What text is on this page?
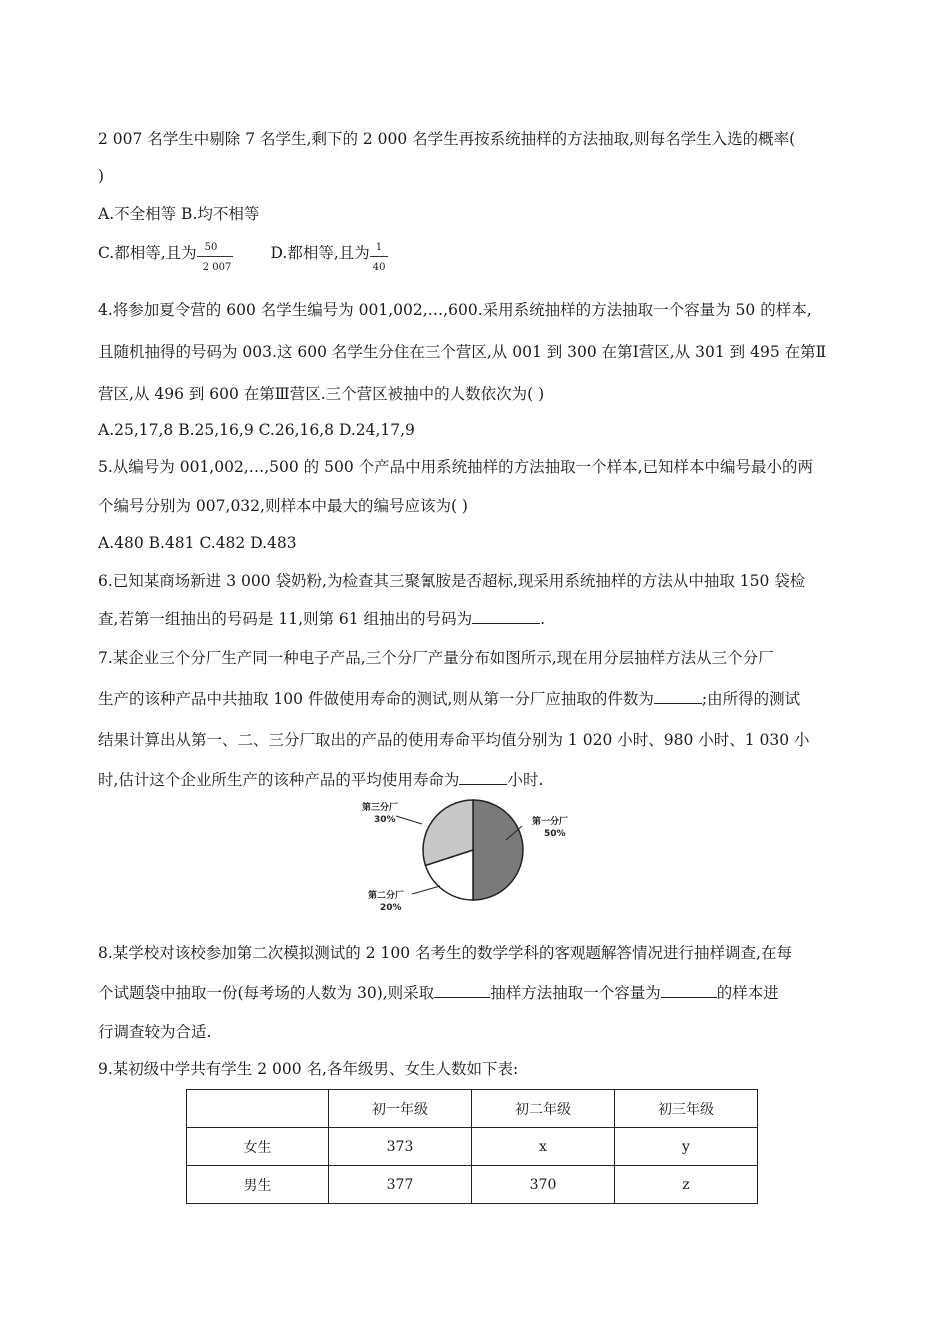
2 007 名学生中剔除 7 名学生,剩下的 2 000 名学生再按系统抽样的方法抽取,则每名学生入选的概率(
)
A.不全相等 B.均不相等
C.都相等,且为 $\frac{50}{2 007} D$.都相等,且为 $\frac{1}{40}$
4.将参加夏令营的 600 名学生编号为 001,002,…,600.采用系统抽样的方法抽取一个容量为 50 的样本,
且随机抽得的号码为 003.这 600 名学生分住在三个营区,从 001 到 300 在第Ⅰ营区,从 301 到 495 在第Ⅱ
营区,从 496 到 600 在第Ⅲ营区.三个营区被抽中的人数依次为( )
A.25,17,8 B.25,16,9 C.26,16,8 D.24,17,9
5.从编号为 001,002,…,500 的 500 个产品中用系统抽样的方法抽取一个样本,已知样本中编号最小的两
个编号分别为 007,032,则样本中最大的编号应该为( )
A.480 B.481 C.482 D.483
6.已知某商场新进 3 000 袋奶粉,为检查其三聚氰胺是否超标,现采用系统抽样的方法从中抽取 150 袋检
查,若第一组抽出的号码是 11,则第 61 组抽出的号码为	.
7.某企业三个分厂生产同一种电子产品,三个分厂产量分布如图所示,现在用分层抽样方法从三个分厂
生产的该种产品中共抽取 100 件做使用寿命的测试,则从第一分厂应抽取的件数为	;由所得的测试
结果计算出从第一、二、三分厂取出的产品的使用寿命平均值分别为 1 020 小时、980 小时、1 030 小
时,估计这个企业所生产的该种产品的平均使用寿命为	小时.
第一分厂
50%
第二分厂
20%
第三分厂
30%
8.某学校对该校参加第二次模拟测试的 2 100 名考生的数学学科的客观题解答情况进行抽样调查,在每
个试题袋中抽取一份(每考场的人数为 30),则采取	抽样方法抽取一个容量为	的样本进
行调查较为合适.
9.某初级中学共有学生 2 000 名,各年级男、女生人数如下表:
	初一年级	初二年级	初三年级
女生	373	x	y
男生	377	370	z
